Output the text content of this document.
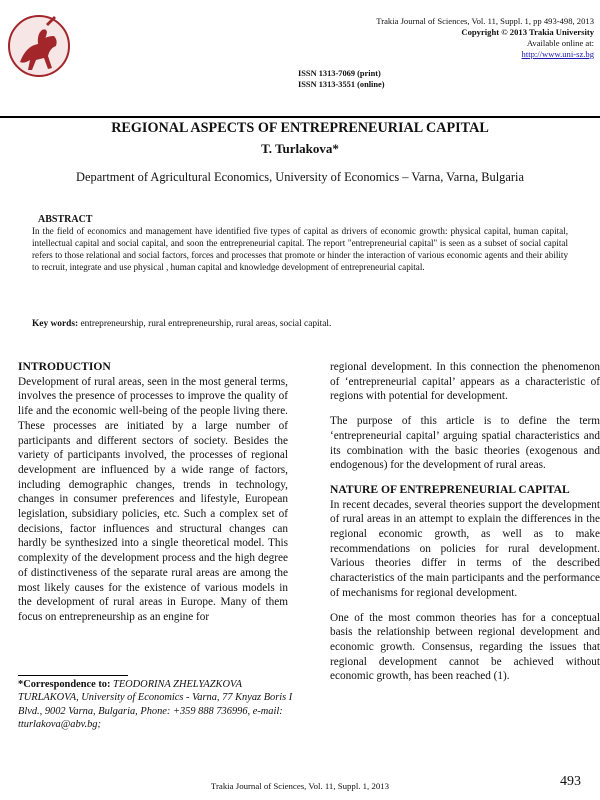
Trakia Journal of Sciences, Vol. 11, Suppl. 1, pp 493-498, 2013
Copyright © 2013 Trakia University
Available online at:
http://www.uni-sz.bg
ISSN 1313-7069 (print)
ISSN 1313-3551 (online)
REGIONAL ASPECTS OF ENTREPRENEURIAL CAPITAL
T. Turlakova*
Department of Agricultural Economics, University of Economics – Varna, Varna, Bulgaria
ABSTRACT
In the field of economics and management have identified five types of capital as drivers of economic growth: physical capital, human capital, intellectual capital and social capital, and soon the entrepreneurial capital. The report "entrepreneurial capital" is seen as a subset of social capital refers to those relational and social factors, forces and processes that promote or hinder the interaction of various economic agents and their ability to recruit, integrate and use physical , human capital and knowledge development of entrepreneurial capital.
Key words: entrepreneurship, rural entrepreneurship, rural areas, social capital.

INTRODUCTION

Development of rural areas, seen in the most general terms, involves the presence of processes to improve the quality of life and the economic well-being of the people living there. These processes are initiated by a large number of participants and different sectors of society. Besides the variety of participants involved, the processes of regional development are influenced by a wide range of factors, including demographic changes, trends in technology, changes in consumer preferences and lifestyle, European legislation, subsidiary policies, etc. Such a complex set of decisions, factor influences and structural changes can hardly be synthesized into a single theoretical model. This complexity of the development process and the high degree of distinctiveness of the separate rural areas are among the most likely causes for the existence of various models in the development of rural areas in Europe. Many of them focus on entrepreneurship as an engine for

*Correspondence to: TEODORINA ZHELYAZKOVA TURLAKOVA, University of Economics - Varna, 77 Knyaz Boris I Blvd., 9002 Varna, Bulgaria, Phone: +359 888 736996, e-mail: tturlakova@abv.bg;

regional development. In this connection the phenomenon of ‘entrepreneurial capital’ appears as a characteristic of regions with potential for development.

The purpose of this article is to define the term ‘entrepreneurial capital’ arguing spatial characteristics and its combination with the basic theories (exogenous and endogenous) for the development of rural areas.

NATURE OF ENTREPRENEURIAL CAPITAL

In recent decades, several theories support the development of rural areas in an attempt to explain the differences in the regional economic growth, as well as to make recommendations on policies for rural development. Various theories differ in terms of the described characteristics of the main participants and the performance of mechanisms for regional development.

One of the most common theories has for a conceptual basis the relationship between regional development and economic growth. Consensus, regarding the issues that regional development cannot be achieved without economic growth, has been reached (1).

Trakia Journal of Sciences, Vol. 11, Suppl. 1, 2013	493
